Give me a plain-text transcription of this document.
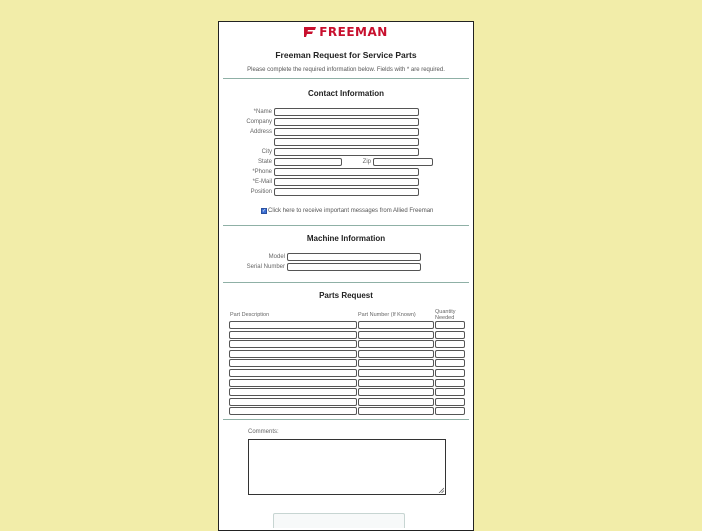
FREEMAN
Freeman Request for Service Parts
Please complete the required information below. Fields with * are required.
Contact Information
*Name
Company
Address
City
State	Zip
*Phone
*E-Mail
Position
✓ Click here to receive important messages from Allied Freeman
Machine Information
Model
Serial Number
Parts Request
Part Description	Part Number (If Known)	Quantity
Needed
Comments:
